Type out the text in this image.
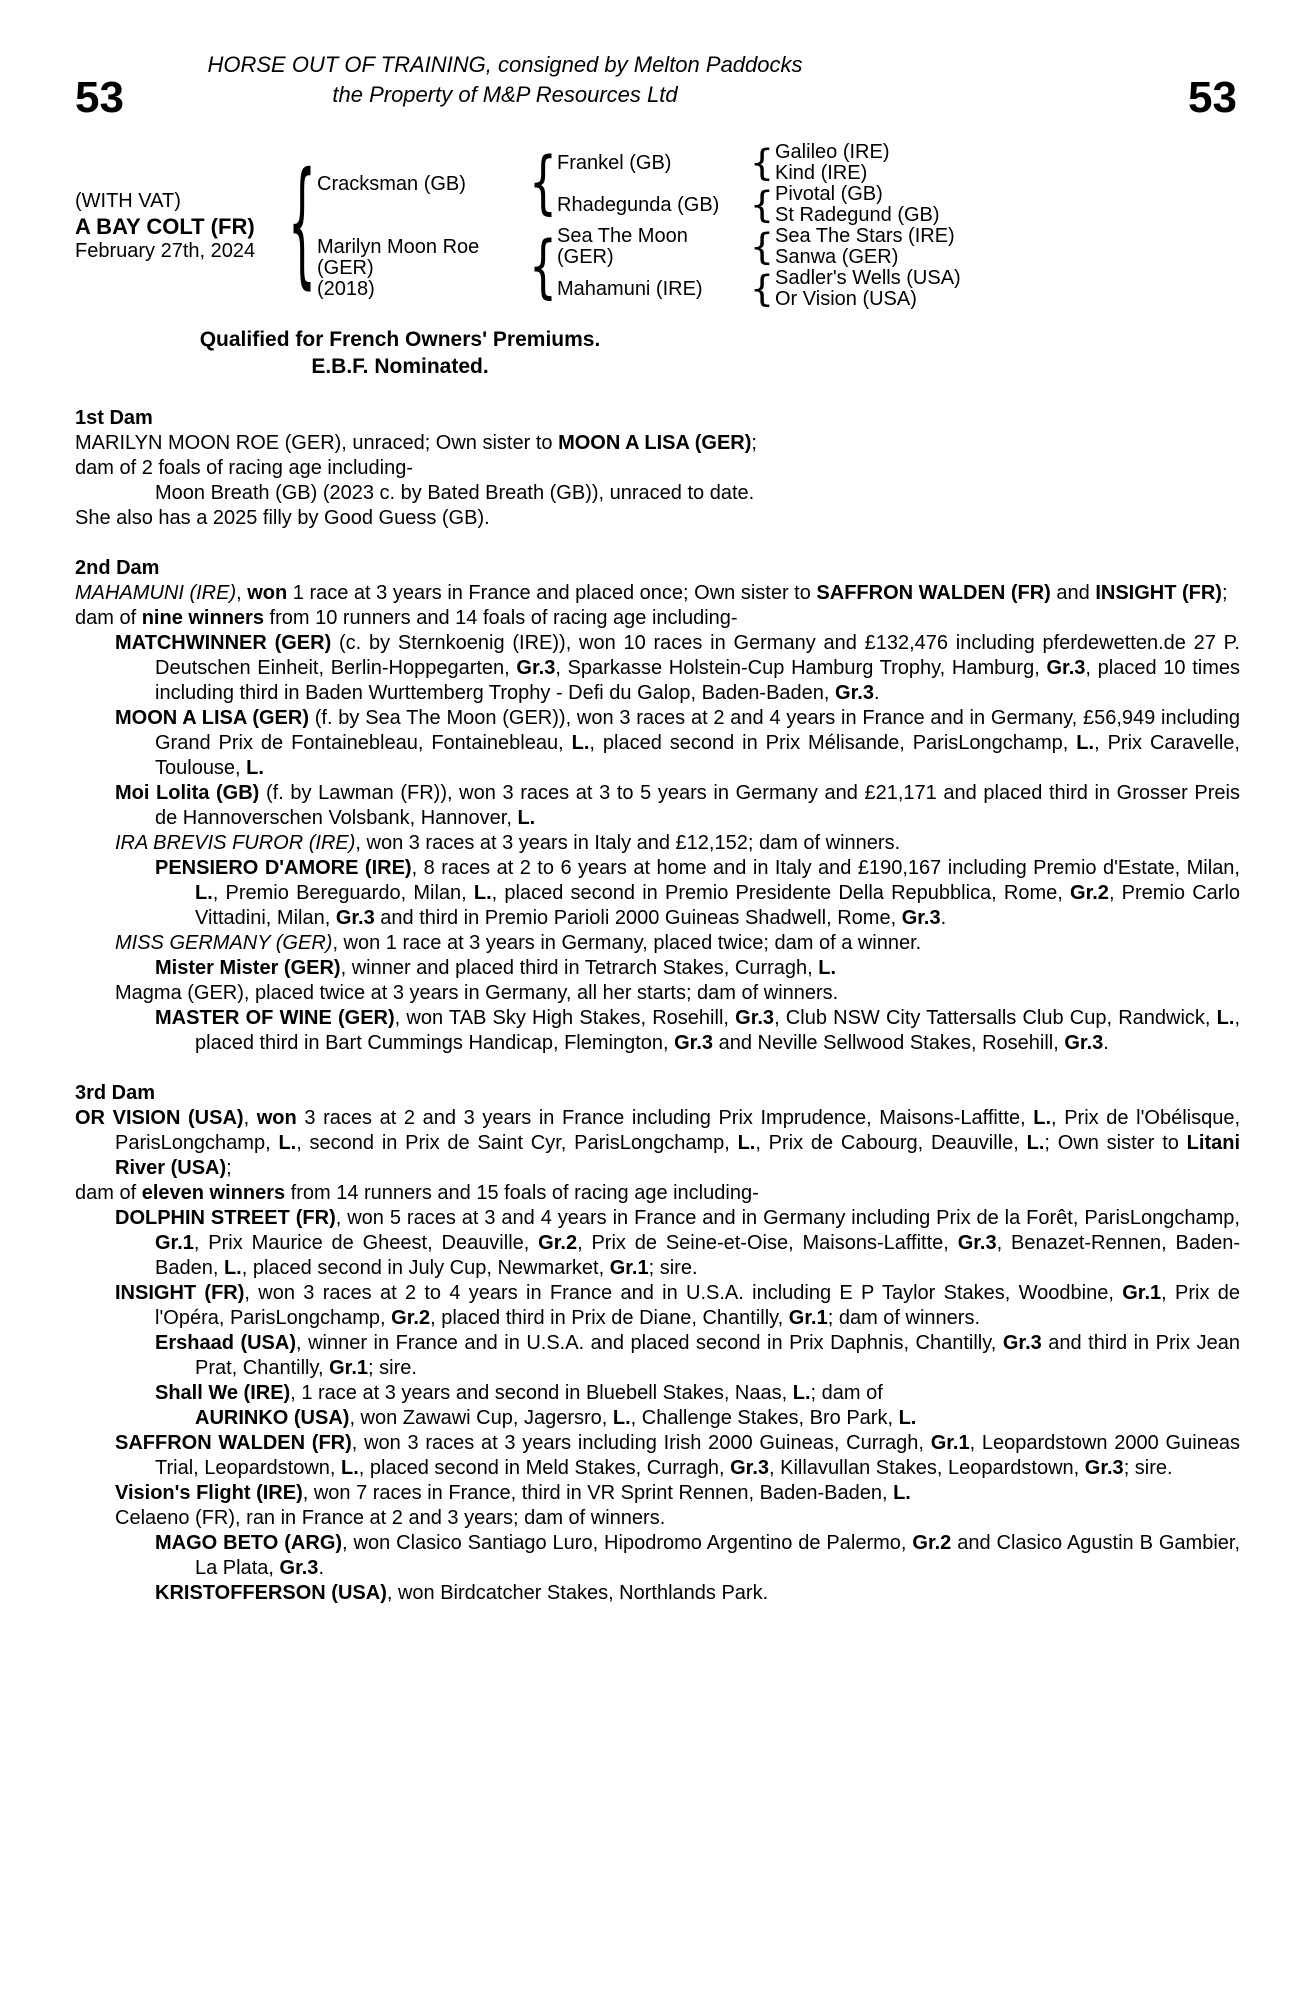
53
HORSE OUT OF TRAINING, consigned by Melton Paddocks
the Property of M&P Resources Ltd	53
(WITH VAT)
A BAY COLT (FR)
February 27th, 2024 { Cracksman (GB)
Marilyn Moon Roe
(GER)
(2018)
{
{
Frankel (GB)
Rhadegunda (GB)
Sea The Moon
(GER)
Mahamuni (IRE)
{
{
{
{
Galileo (IRE)
Kind (IRE)
Pivotal (GB)
St Radegund (GB)
Sea The Stars (IRE)
Sanwa (GER)
Sadler's Wells (USA)
Or Vision (USA)
Qualified for French Owners' Premiums.
E.B.F. Nominated.
1st Dam
MARILYN MOON ROE (GER), unraced; Own sister to MOON A LISA (GER);
dam of 2 foals of racing age including-
Moon Breath (GB) (2023 c. by Bated Breath (GB)), unraced to date.
She also has a 2025 filly by Good Guess (GB).
2nd Dam
MAHAMUNI (IRE), won 1 race at 3 years in France and placed once; Own sister to SAFFRON WALDEN (FR) and INSIGHT (FR);
dam of nine winners from 10 runners and 14 foals of racing age including-
MATCHWINNER (GER) (c. by Sternkoenig (IRE)), won 10 races in Germany and £132,476 including pferdewetten.de 27 P. Deutschen Einheit, Berlin-Hoppegarten, Gr.3, Sparkasse Holstein-Cup Hamburg Trophy, Hamburg, Gr.3, placed 10 times including third in Baden Wurttemberg Trophy - Defi du Galop, Baden-Baden, Gr.3.
MOON A LISA (GER) (f. by Sea The Moon (GER)), won 3 races at 2 and 4 years in France and in Germany, £56,949 including Grand Prix de Fontainebleau, Fontainebleau, L., placed second in Prix Mélisande, ParisLongchamp, L., Prix Caravelle, Toulouse, L.
Moi Lolita (GB) (f. by Lawman (FR)), won 3 races at 3 to 5 years in Germany and £21,171 and placed third in Grosser Preis de Hannoverschen Volsbank, Hannover, L.
IRA BREVIS FUROR (IRE), won 3 races at 3 years in Italy and £12,152; dam of winners.
PENSIERO D'AMORE (IRE), 8 races at 2 to 6 years at home and in Italy and £190,167 including Premio d'Estate, Milan, L., Premio Bereguardo, Milan, L., placed second in Premio Presidente Della Repubblica, Rome, Gr.2, Premio Carlo Vittadini, Milan, Gr.3 and third in Premio Parioli 2000 Guineas Shadwell, Rome, Gr.3.
MISS GERMANY (GER), won 1 race at 3 years in Germany, placed twice; dam of a winner.
Mister Mister (GER), winner and placed third in Tetrarch Stakes, Curragh, L.
Magma (GER), placed twice at 3 years in Germany, all her starts; dam of winners.
MASTER OF WINE (GER), won TAB Sky High Stakes, Rosehill, Gr.3, Club NSW City Tattersalls Club Cup, Randwick, L., placed third in Bart Cummings Handicap, Flemington, Gr.3 and Neville Sellwood Stakes, Rosehill, Gr.3.
3rd Dam
OR VISION (USA), won 3 races at 2 and 3 years in France including Prix Imprudence, Maisons-Laffitte, L., Prix de l'Obélisque, ParisLongchamp, L., second in Prix de Saint Cyr, ParisLongchamp, L., Prix de Cabourg, Deauville, L.; Own sister to Litani River (USA);
dam of eleven winners from 14 runners and 15 foals of racing age including-
DOLPHIN STREET (FR), won 5 races at 3 and 4 years in France and in Germany including Prix de la Forêt, ParisLongchamp, Gr.1, Prix Maurice de Gheest, Deauville, Gr.2, Prix de Seine-et-Oise, Maisons-Laffitte, Gr.3, Benazet-Rennen, Baden-Baden, L., placed second in July Cup, Newmarket, Gr.1; sire.
INSIGHT (FR), won 3 races at 2 to 4 years in France and in U.S.A. including E P Taylor Stakes, Woodbine, Gr.1, Prix de l'Opéra, ParisLongchamp, Gr.2, placed third in Prix de Diane, Chantilly, Gr.1; dam of winners.
Ershaad (USA), winner in France and in U.S.A. and placed second in Prix Daphnis, Chantilly, Gr.3 and third in Prix Jean Prat, Chantilly, Gr.1; sire.
Shall We (IRE), 1 race at 3 years and second in Bluebell Stakes, Naas, L.; dam of
AURINKO (USA), won Zawawi Cup, Jagersro, L., Challenge Stakes, Bro Park, L.
SAFFRON WALDEN (FR), won 3 races at 3 years including Irish 2000 Guineas, Curragh, Gr.1, Leopardstown 2000 Guineas Trial, Leopardstown, L., placed second in Meld Stakes, Curragh, Gr.3, Killavullan Stakes, Leopardstown, Gr.3; sire.
Vision's Flight (IRE), won 7 races in France, third in VR Sprint Rennen, Baden-Baden, L.
Celaeno (FR), ran in France at 2 and 3 years; dam of winners.
MAGO BETO (ARG), won Clasico Santiago Luro, Hipodromo Argentino de Palermo, Gr.2 and Clasico Agustin B Gambier, La Plata, Gr.3.
KRISTOFFERSON (USA), won Birdcatcher Stakes, Northlands Park.
